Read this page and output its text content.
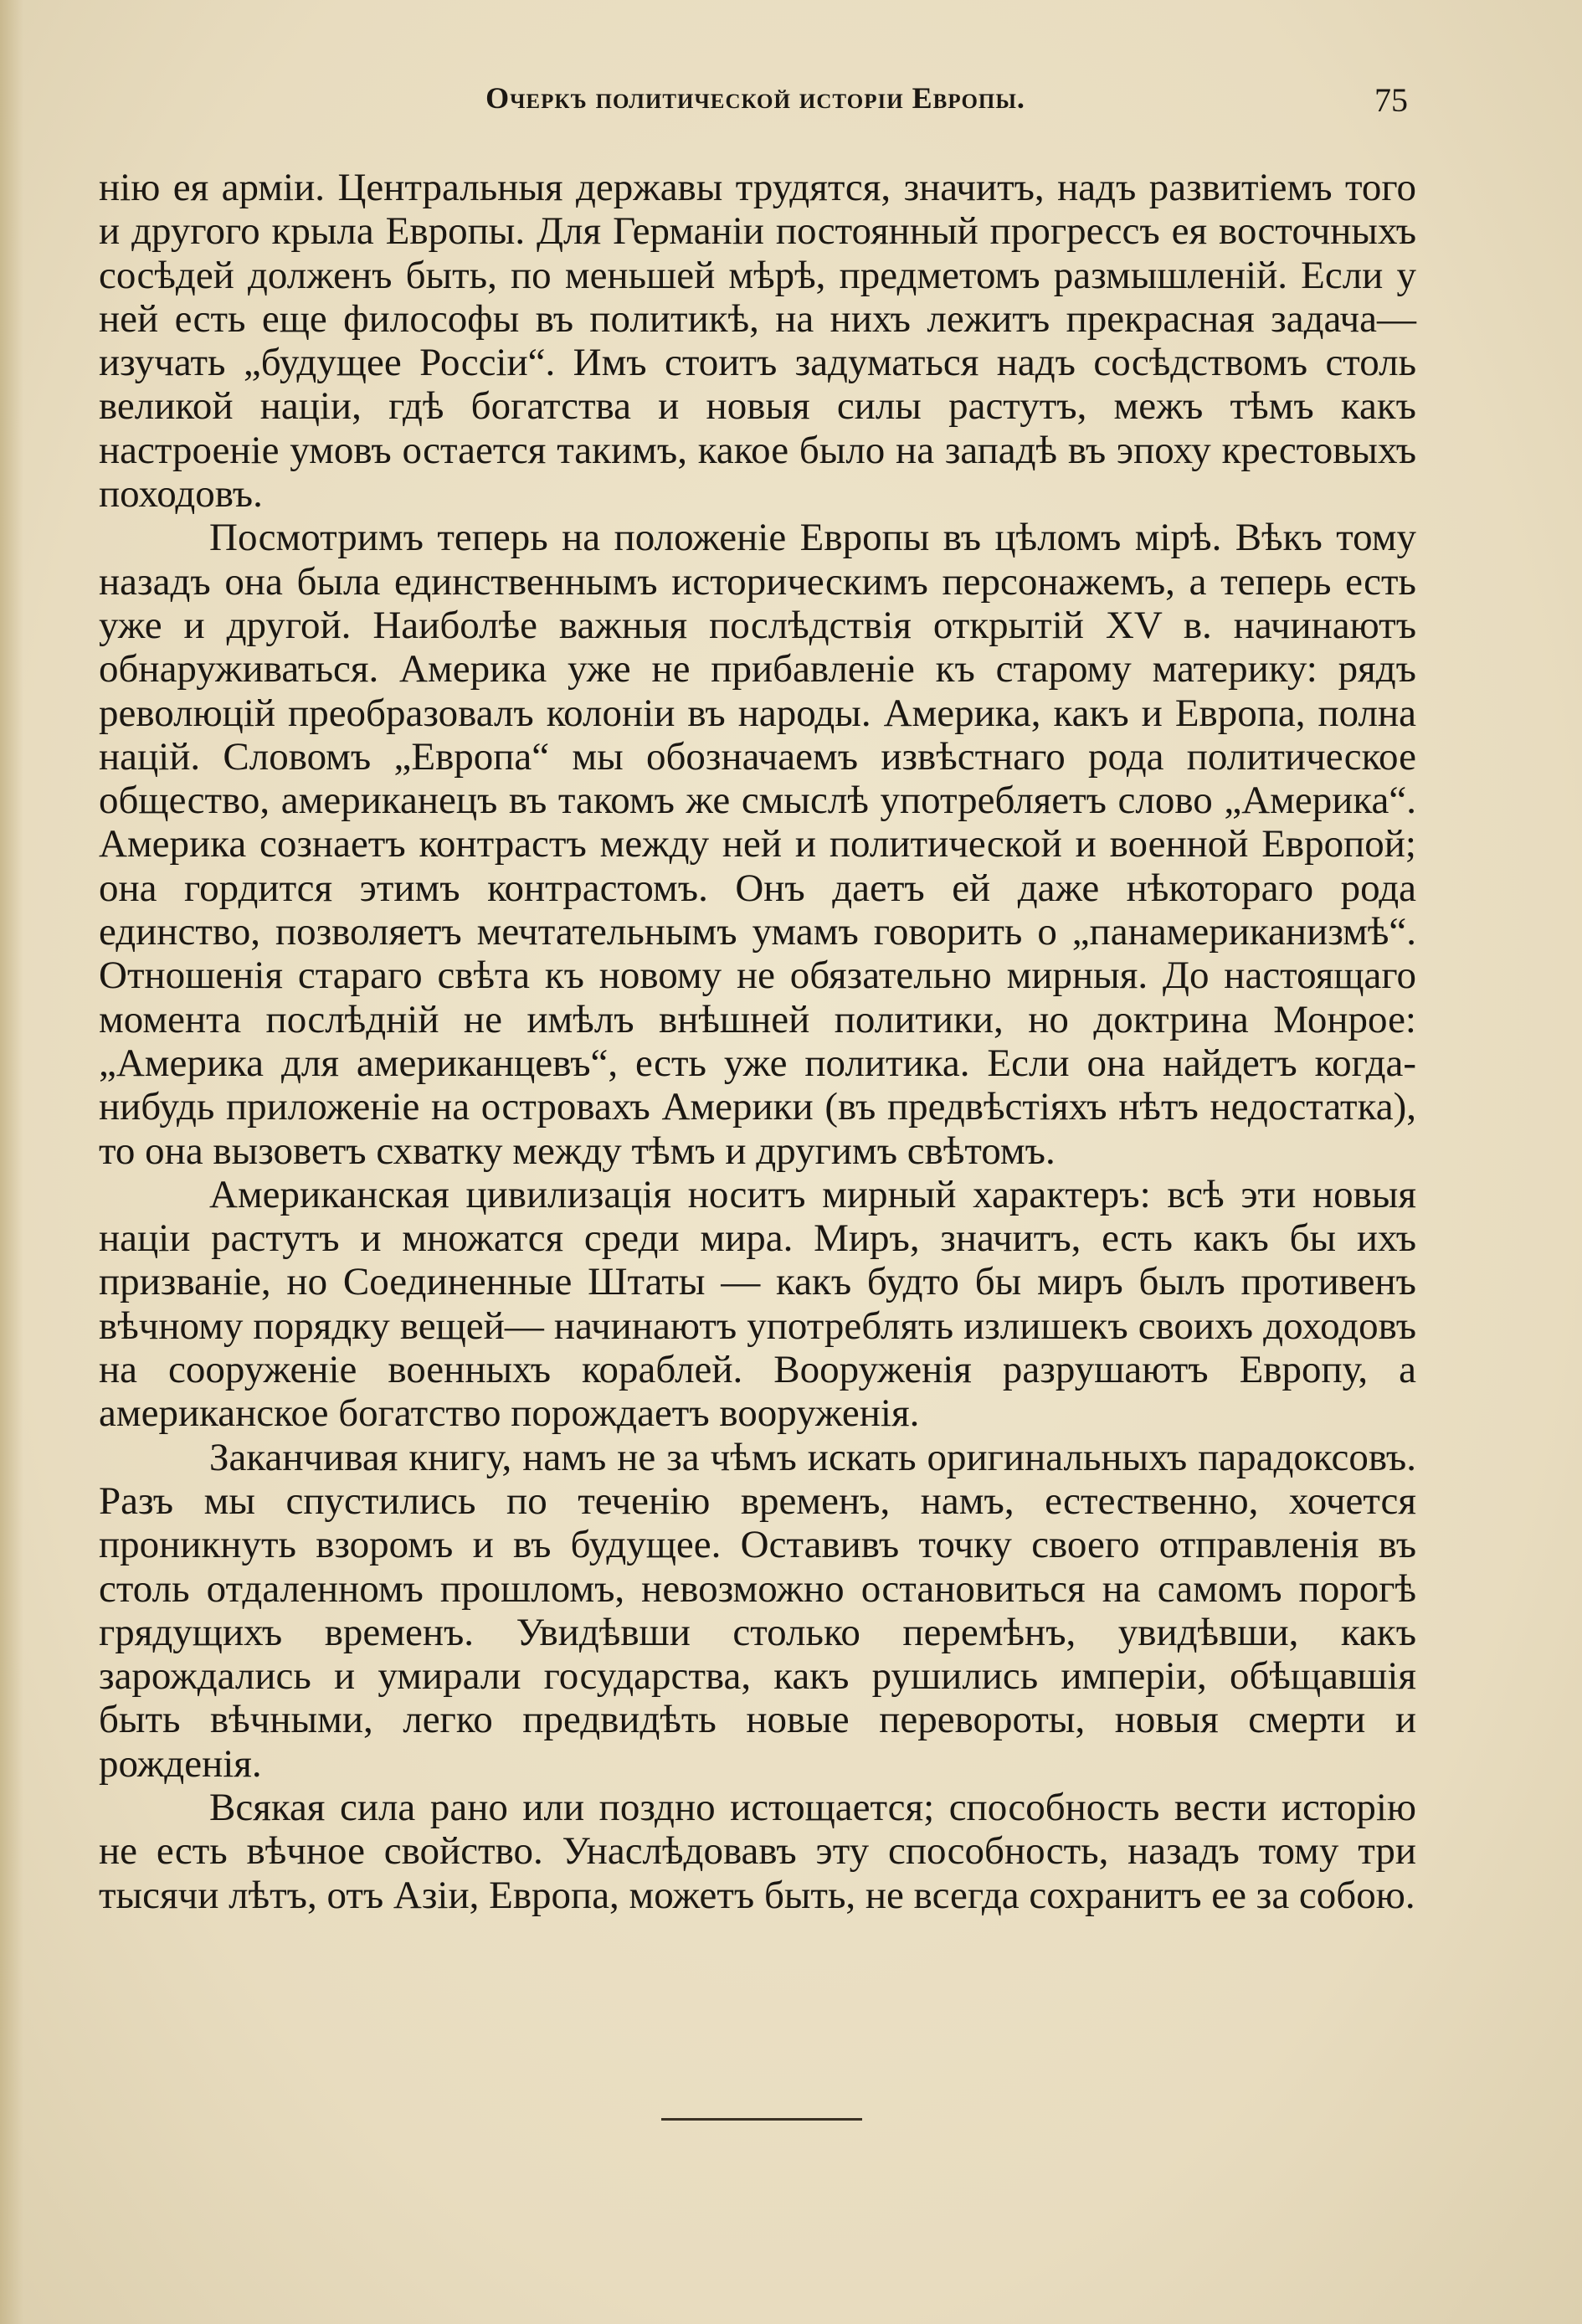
Очеркъ политической исторіи Европы.	75

нію ея арміи. Центральныя державы трудятся, значитъ, надъ развитіемъ того и другого крыла Европы. Для Германіи постоянный прогрессъ ея восточныхъ сосѣдей долженъ быть, по меньшей мѣрѣ, предметомъ размышленій. Если у ней есть еще философы въ политикѣ, на нихъ лежитъ прекрасная задача—изучать „будущее Россіи“. Имъ стоитъ задуматься надъ сосѣдствомъ столь великой націи, гдѣ богатства и новыя силы растутъ, межъ тѣмъ какъ настроеніе умовъ остается такимъ, какое было на западѣ въ эпоху крестовыхъ походовъ.

Посмотримъ теперь на положеніе Европы въ цѣломъ мірѣ. Вѣкъ тому назадъ она была единственнымъ историческимъ персонажемъ, а теперь есть уже и другой. Наиболѣе важныя послѣдствія открытій XV в. начинаютъ обнаруживаться. Америка уже не прибавленіе къ старому материку: рядъ революцій преобразовалъ колоніи въ народы. Америка, какъ и Европа, полна націй. Словомъ „Европа“ мы обозначаемъ извѣстнаго рода политическое общество, американецъ въ такомъ же смыслѣ употребляетъ слово „Америка“. Америка сознаетъ контрастъ между ней и политической и военной Европой; она гордится этимъ контрастомъ. Онъ даетъ ей даже нѣкотораго рода единство, позволяетъ мечтательнымъ умамъ говорить о „панамериканизмѣ“. Отношенія стараго свѣта къ новому не обязательно мирныя. До настоящаго момента послѣдній не имѣлъ внѣшней политики, но доктрина Монрое: „Америка для американцевъ“, есть уже политика. Если она найдетъ когда-нибудь приложеніе на островахъ Америки (въ предвѣстіяхъ нѣтъ недостатка), то она вызоветъ схватку между тѣмъ и другимъ свѣтомъ.

Американская цивилизація носитъ мирный характеръ: всѣ эти новыя націи растутъ и множатся среди мира. Миръ, значитъ, есть какъ бы ихъ призваніе, но Соединенные Штаты — какъ будто бы миръ былъ противенъ вѣчному порядку вещей— начинаютъ употреблять излишекъ своихъ доходовъ на сооруженіе военныхъ кораблей. Вооруженія разрушаютъ Европу, а американское богатство порождаетъ вооруженія.

Заканчивая книгу, намъ не за чѣмъ искать оригинальныхъ парадоксовъ. Разъ мы спустились по теченію временъ, намъ, естественно, хочется проникнуть взоромъ и въ будущее. Оставивъ точку своего отправленія въ столь отдаленномъ прошломъ, невозможно остановиться на самомъ порогѣ грядущихъ временъ. Увидѣвши столько перемѣнъ, увидѣвши, какъ зарождались и умирали государства, какъ рушились имперіи, обѣщавшія быть вѣчными, легко предвидѣть новые перевороты, новыя смерти и рожденія.

Всякая сила рано или поздно истощается; способность вести исторію не есть вѣчное свойство. Унаслѣдовавъ эту способность, назадъ тому три тысячи лѣтъ, отъ Азіи, Европа, можетъ быть, не всегда сохранитъ ее за собою.
